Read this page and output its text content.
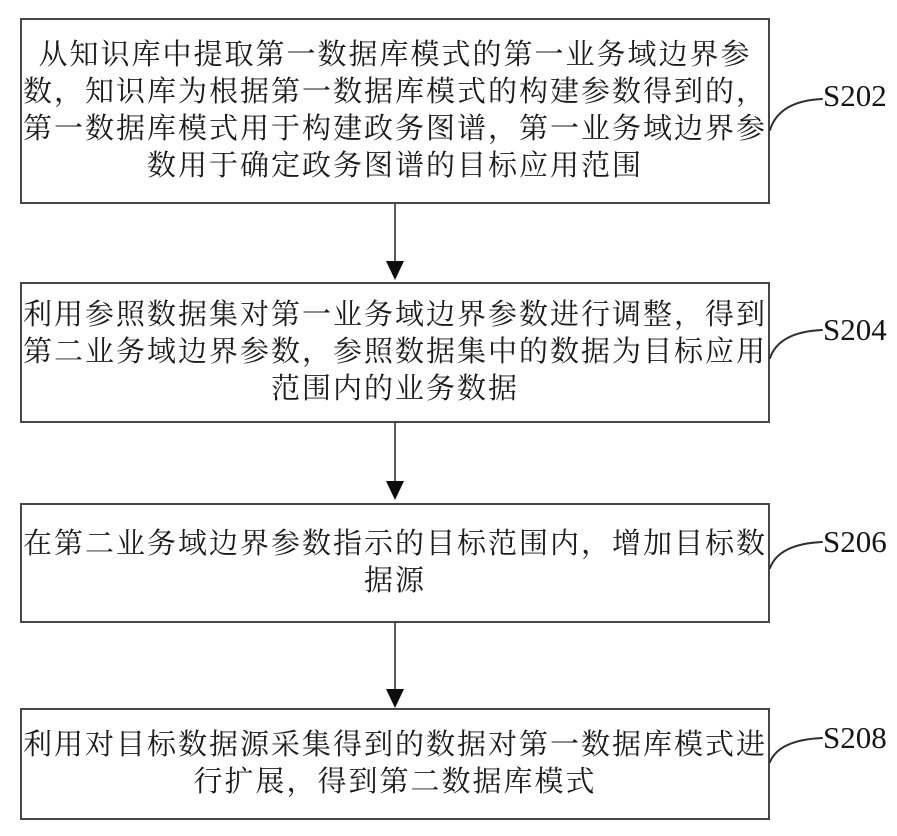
从知识库中提取第一数据库模式的第一业务域边界参
数，知识库为根据第一数据库模式的构建参数得到的，
第一数据库模式用于构建政务图谱，第一业务域边界参
数用于确定政务图谱的目标应用范围
S202
利用参照数据集对第一业务域边界参数进行调整，得到
第二业务域边界参数，参照数据集中的数据为目标应用
范围内的业务数据
S204
在第二业务域边界参数指示的目标范围内，增加目标数
据源
S206
利用对目标数据源采集得到的数据对第一数据库模式进
行扩展，得到第二数据库模式
S208
